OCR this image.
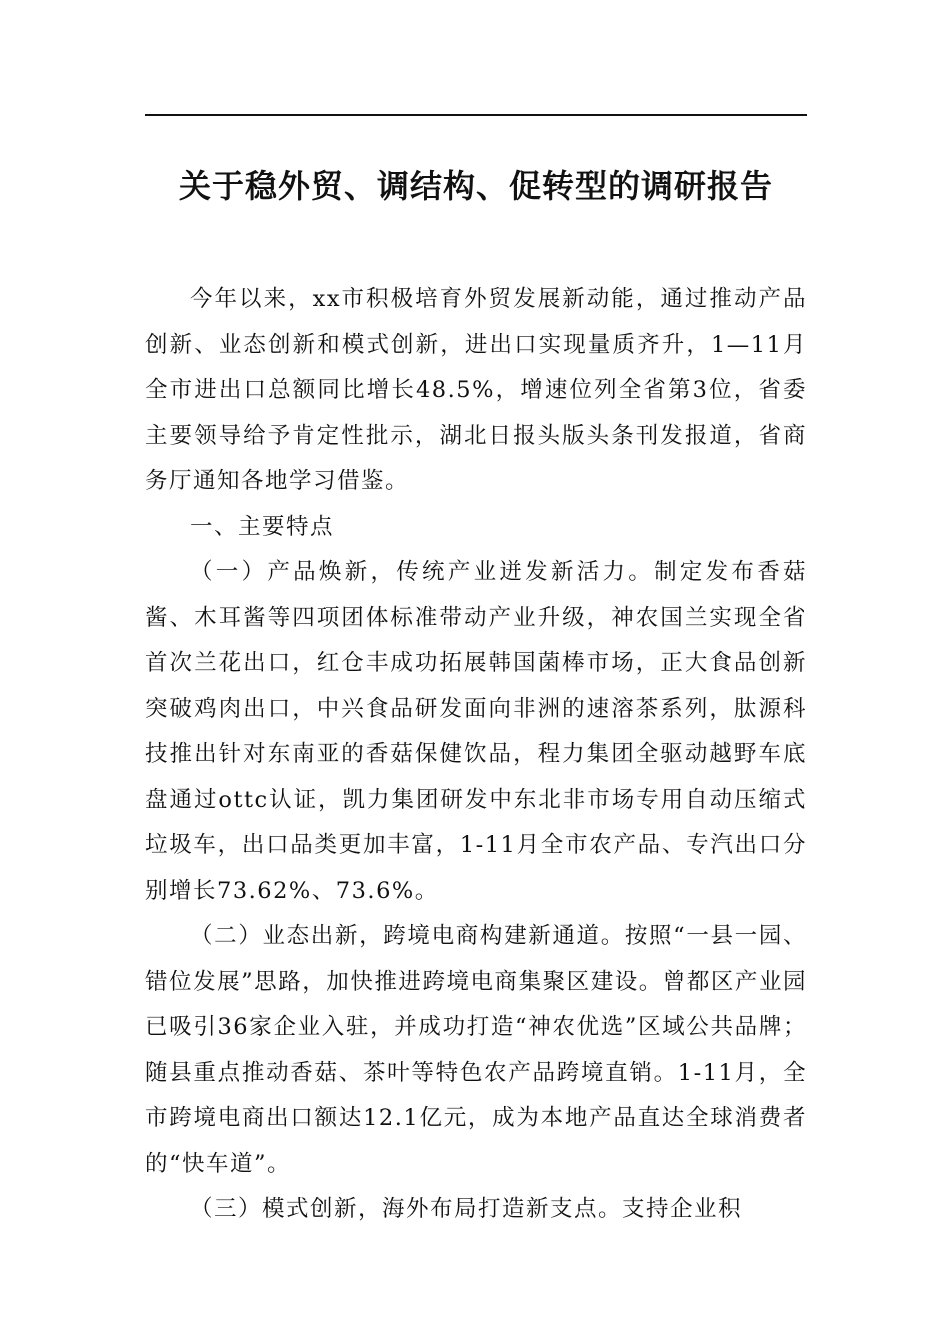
关于稳外贸、调结构、促转型的调研报告

今年以来，xx市积极培育外贸发展新动能，通过推动产品创新、业态创新和模式创新，进出口实现量质齐升，1—11月全市进出口总额同比增长48.5%，增速位列全省第3位，省委主要领导给予肯定性批示，湖北日报头版头条刊发报道，省商务厅通知各地学习借鉴。

一、主要特点

（一）产品焕新，传统产业迸发新活力。制定发布香菇酱、木耳酱等四项团体标准带动产业升级，神农国兰实现全省首次兰花出口，红仓丰成功拓展韩国菌棒市场，正大食品创新突破鸡肉出口，中兴食品研发面向非洲的速溶茶系列，肽源科技推出针对东南亚的香菇保健饮品，程力集团全驱动越野车底盘通过ottc认证，凯力集团研发中东北非市场专用自动压缩式垃圾车，出口品类更加丰富，1-11月全市农产品、专汽出口分别增长73.62%、73.6%。

（二）业态出新，跨境电商构建新通道。按照“一县一园、错位发展”思路，加快推进跨境电商集聚区建设。曾都区产业园已吸引36家企业入驻，并成功打造“神农优选”区域公共品牌；随县重点推动香菇、茶叶等特色农产品跨境直销。1-11月，全市跨境电商出口额达12.1亿元，成为本地产品直达全球消费者的“快车道”。

（三）模式创新，海外布局打造新支点。支持企业积
